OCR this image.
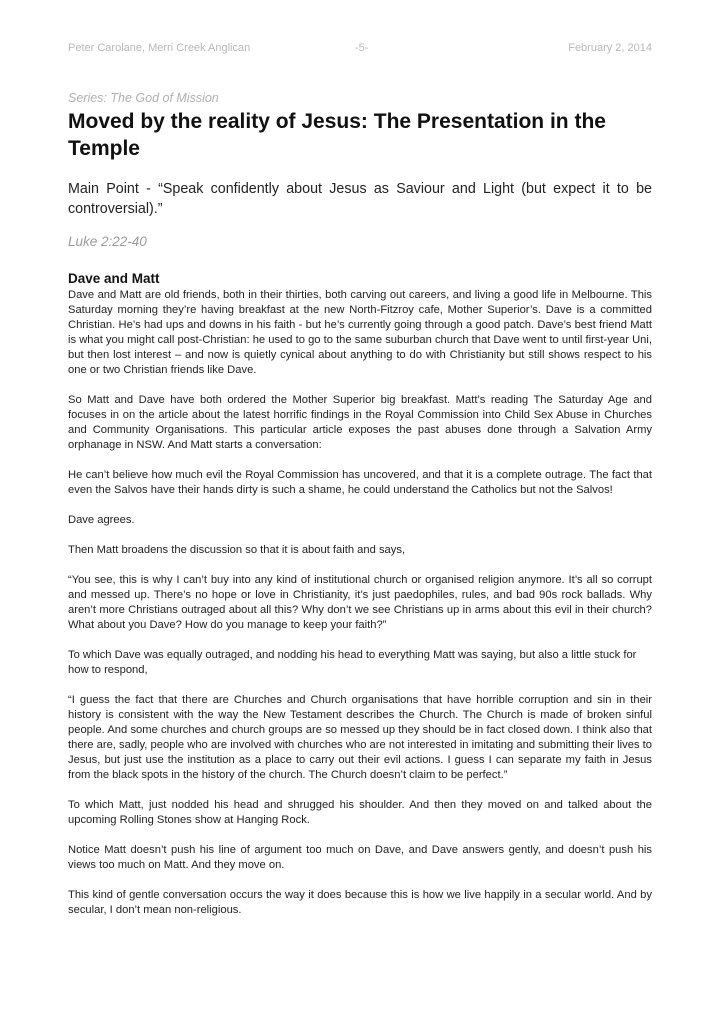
Peter Carolane, Merri Creek Anglican	-5-	February 2, 2014
Series: The God of Mission
Moved by the reality of Jesus: The Presentation in the Temple

Main Point - “Speak confidently about Jesus as Saviour and Light (but expect it to be controversial).”

Luke 2:22-40
Dave and Matt

Dave and Matt are old friends, both in their thirties, both carving out careers, and living a good life in Melbourne. This Saturday morning they’re having breakfast at the new North-Fitzroy cafe, Mother Superior’s. Dave is a committed Christian. He’s had ups and downs in his faith - but he’s currently going through a good patch. Dave’s best friend Matt is what you might call post-Christian: he used to go to the same suburban church that Dave went to until first-year Uni, but then lost interest – and now is quietly cynical about anything to do with Christianity but still shows respect to his one or two Christian friends like Dave.

So Matt and Dave have both ordered the Mother Superior big breakfast. Matt’s reading The Saturday Age and focuses in on the article about the latest horrific findings in the Royal Commission into Child Sex Abuse in Churches and Community Organisations. This particular article exposes the past abuses done through a Salvation Army orphanage in NSW. And Matt starts a conversation:

He can’t believe how much evil the Royal Commission has uncovered, and that it is a complete outrage. The fact that even the Salvos have their hands dirty is such a shame, he could understand the Catholics but not the Salvos!

Dave agrees.

Then Matt broadens the discussion so that it is about faith and says,

“You see, this is why I can’t buy into any kind of institutional church or organised religion anymore. It’s all so corrupt and messed up. There’s no hope or love in Christianity, it’s just paedophiles, rules, and bad 90s rock ballads. Why aren’t more Christians outraged about all this? Why don’t we see Christians up in arms about this evil in their church? What about you Dave? How do you manage to keep your faith?”

To which Dave was equally outraged, and nodding his head to everything Matt was saying, but also a little stuck for how to respond,

“I guess the fact that there are Churches and Church organisations that have horrible corruption and sin in their history is consistent with the way the New Testament describes the Church. The Church is made of broken sinful people. And some churches and church groups are so messed up they should be in fact closed down. I think also that there are, sadly, people who are involved with churches who are not interested in imitating and submitting their lives to Jesus, but just use the institution as a place to carry out their evil actions. I guess I can separate my faith in Jesus from the black spots in the history of the church. The Church doesn’t claim to be perfect.”

To which Matt, just nodded his head and shrugged his shoulder. And then they moved on and talked about the upcoming Rolling Stones show at Hanging Rock.

Notice Matt doesn’t push his line of argument too much on Dave, and Dave answers gently, and doesn’t push his views too much on Matt. And they move on.

This kind of gentle conversation occurs the way it does because this is how we live happily in a secular world. And by secular, I don’t mean non-religious.
